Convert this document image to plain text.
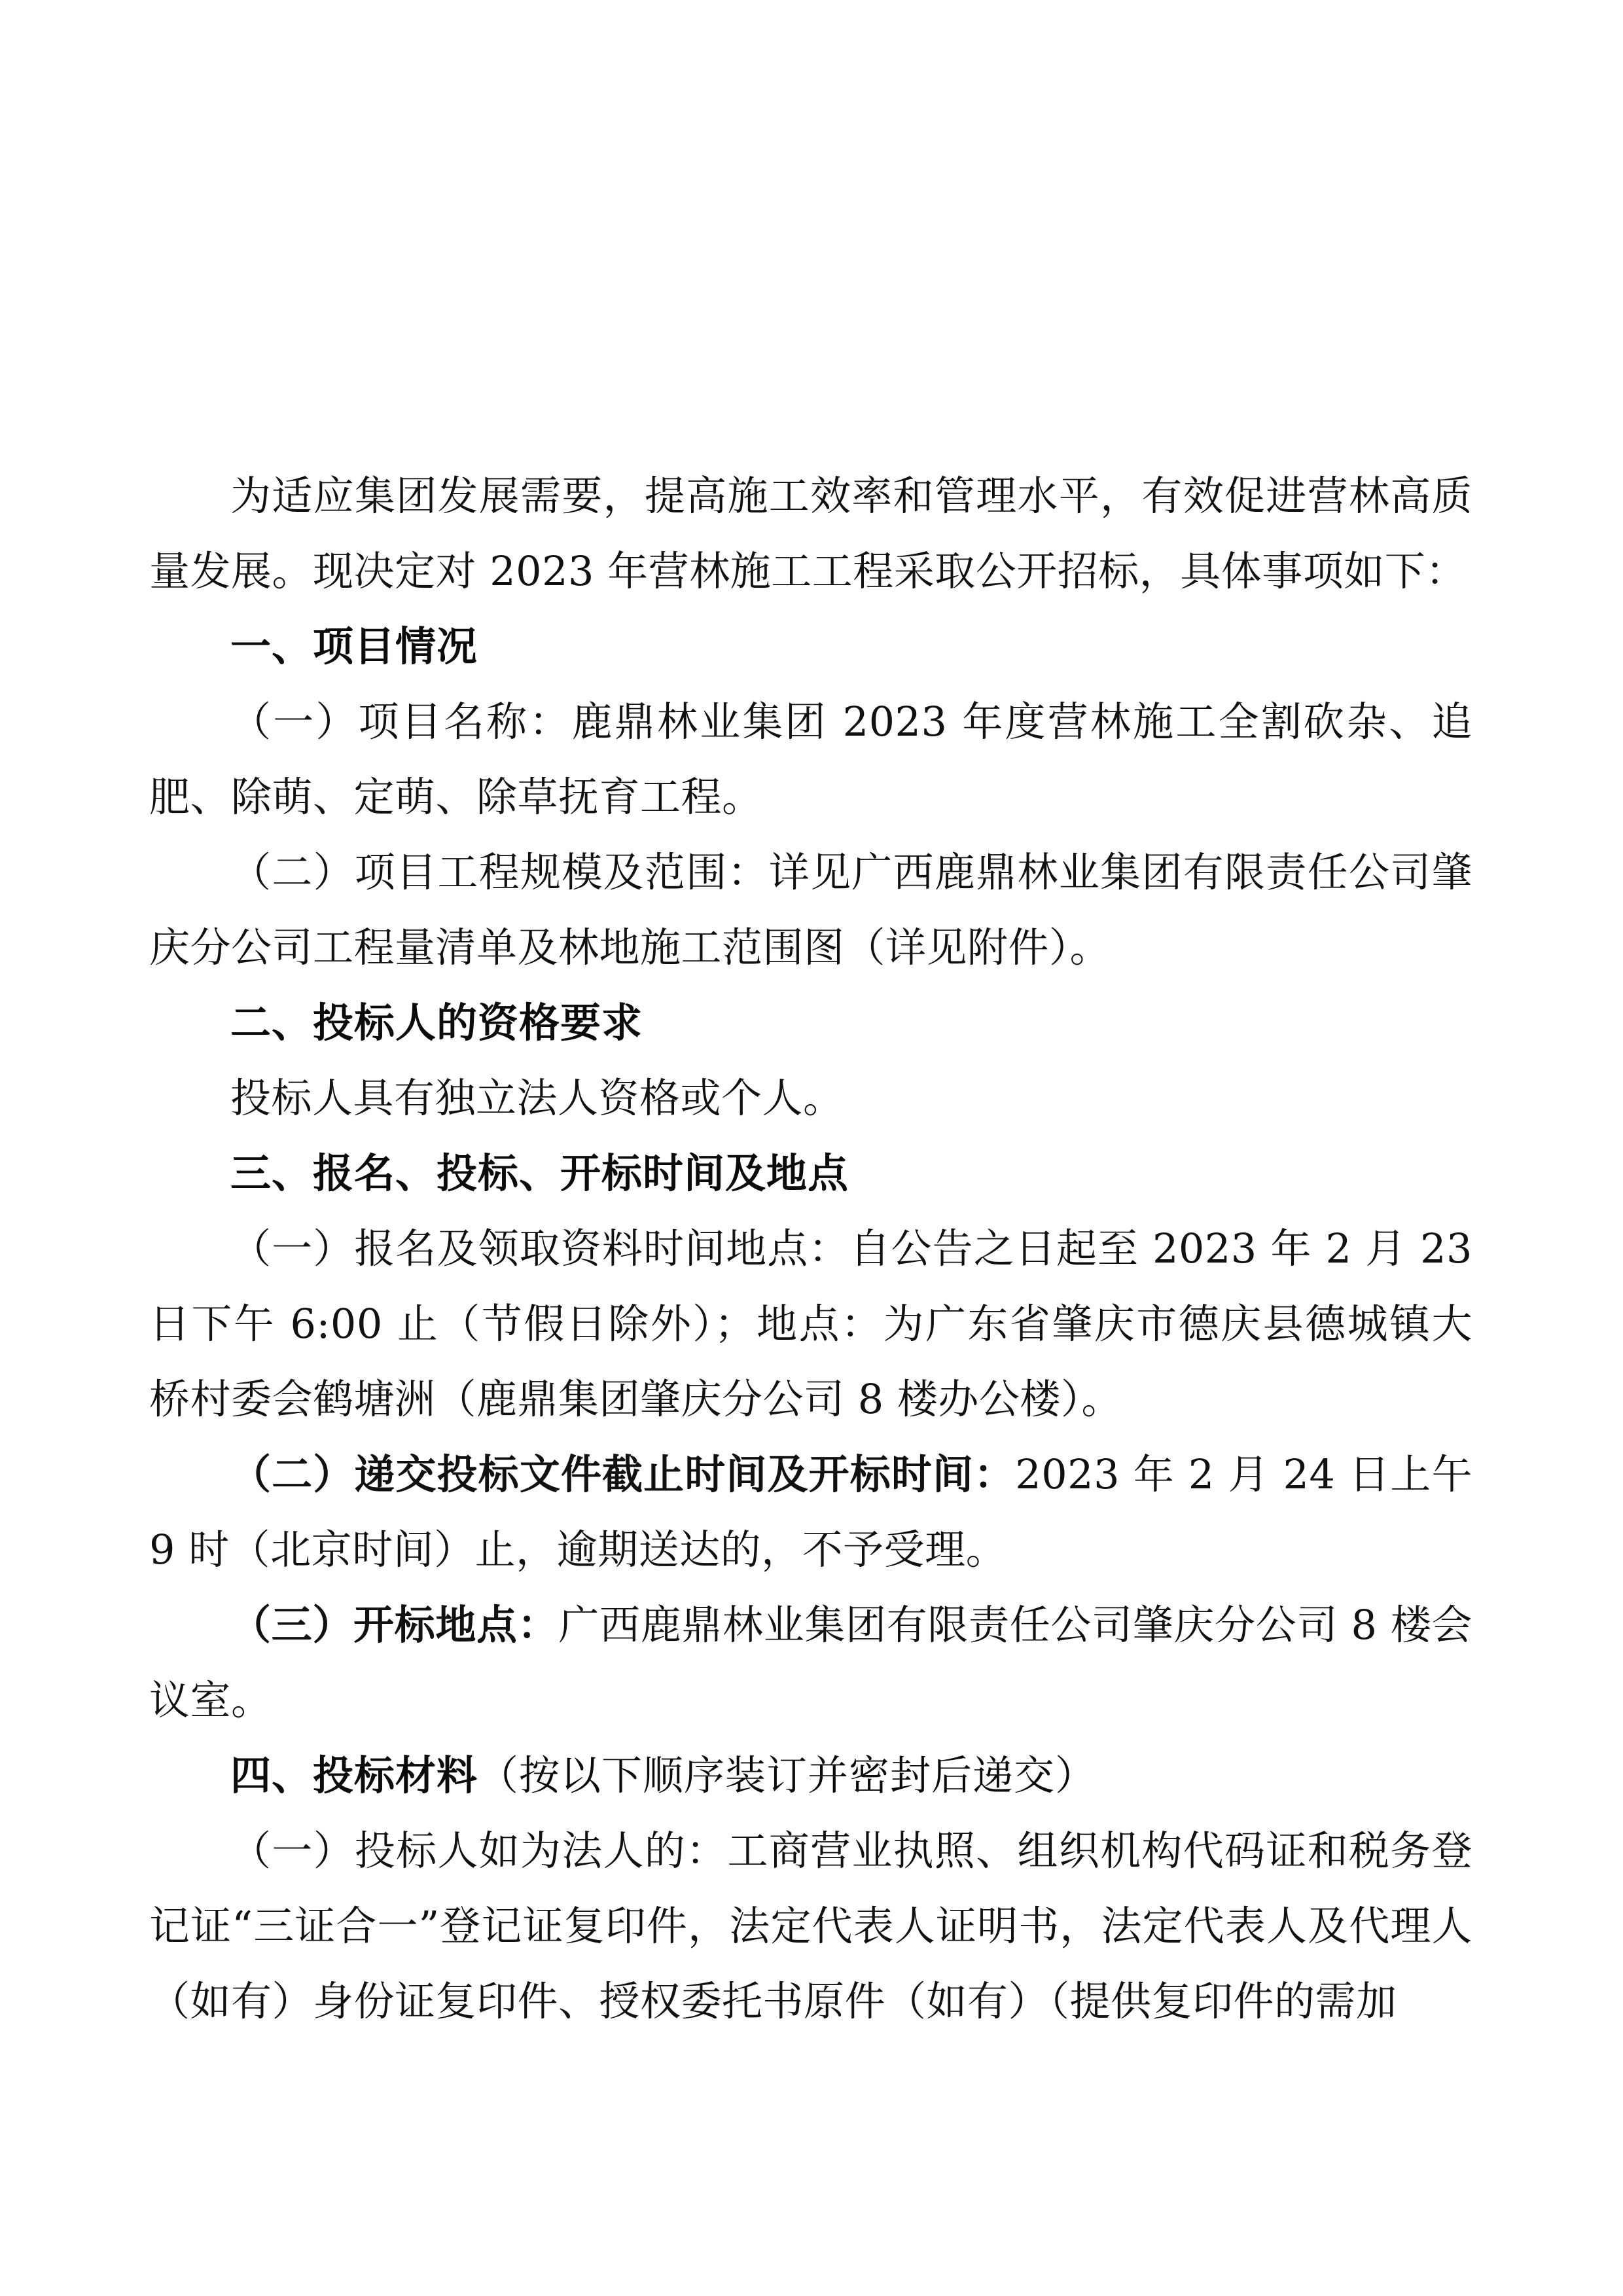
为适应集团发展需要，提高施工效率和管理水平，有效促进营林高质量发展。现决定对 2023 年营林施工工程采取公开招标，具体事项如下：

一、项目情况

（一）项目名称：鹿鼎林业集团 2023 年度营林施工全割砍杂、追肥、除萌、定萌、除草抚育工程。

（二）项目工程规模及范围：详见广西鹿鼎林业集团有限责任公司肇庆分公司工程量清单及林地施工范围图（详见附件）。

二、投标人的资格要求

投标人具有独立法人资格或个人。

三、报名、投标、开标时间及地点

（一）报名及领取资料时间地点：自公告之日起至 2023 年 2 月 23 日下午 6:00 止（节假日除外）；地点：为广东省肇庆市德庆县德城镇大桥村委会鹤塘洲（鹿鼎集团肇庆分公司 8 楼办公楼）。

（二）递交投标文件截止时间及开标时间：2023 年 2 月 24 日上午 9 时（北京时间）止，逾期送达的，不予受理。

（三）开标地点：广西鹿鼎林业集团有限责任公司肇庆分公司 8 楼会议室。

四、投标材料（按以下顺序装订并密封后递交）

（一）投标人如为法人的：工商营业执照、组织机构代码证和税务登记证“三证合一”登记证复印件，法定代表人证明书，法定代表人及代理人（如有）身份证复印件、授权委托书原件（如有）（提供复印件的需加
